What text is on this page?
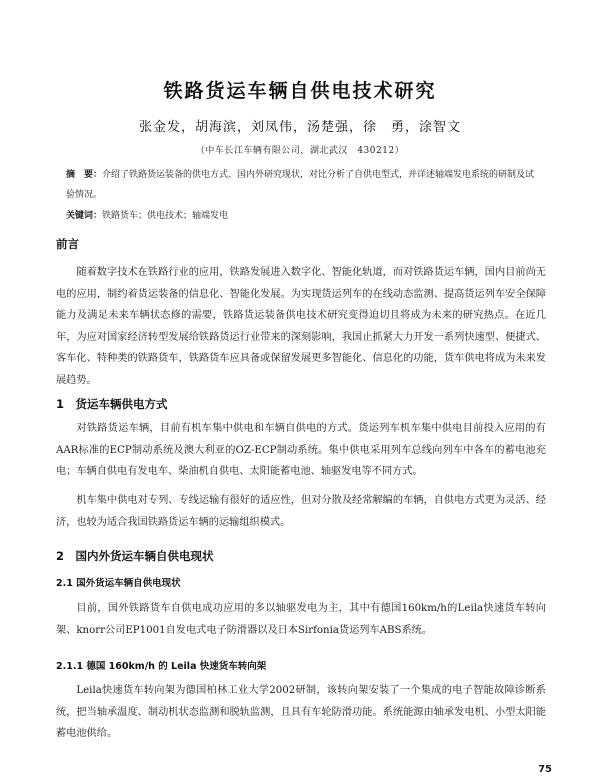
铁路货运车辆自供电技术研究
张金发，胡海滨，刘凤伟，汤楚强，徐　勇，涂智文
（中车长江车辆有限公司，湖北武汉　430212）
摘　要：介绍了铁路货运装备的供电方式、国内外研究现状，对比分析了自供电型式，并详述轴端发电系统的研制及试验情况。
关键词：铁路货车；供电技术；轴端发电
前言
随着数字技术在铁路行业的应用，铁路发展进入数字化、智能化轨道，而对铁路货运车辆，国内目前尚无电的应用，制约着货运装备的信息化、智能化发展。为实现货运列车的在线动态监测、提高货运列车安全保障能力及满足未来车辆状态修的需要，铁路货运装备供电技术研究变得迫切且将成为未来的研究热点。在近几年，为应对国家经济转型发展给铁路货运行业带来的深刻影响，我国止抓紧大力开发一系列快速型、便捷式、客车化、特种类的铁路货车，铁路货车应具备或保留发展更多智能化、信息化的功能，货车供电将成为未来发展趋势。
1　货运车辆供电方式
对铁路货运车辆，目前有机车集中供电和车辆自供电的方式。货运列车机车集中供电目前投入应用的有AAR标准的ECP制动系统及澳大利亚的OZ-ECP制动系统。集中供电采用列车总线向列车中各车的蓄电池充电；车辆自供电有发电车、柴油机自供电、太阳能蓄电池、轴驱发电等不同方式。
机车集中供电对专列、专线运输有很好的适应性，但对分散及经常解编的车辆，自供电方式更为灵活、经济，也较为适合我国铁路货运车辆的运输组织模式。
2　国内外货运车辆自供电现状
2.1 国外货运车辆自供电现状
目前，国外铁路货车自供电成功应用的多以轴驱发电为主，其中有德国160km/h的Leila快速货车转向架、knorr公司EP1001自发电式电子防滑器以及日本Sirfonia货运列车ABS系统。
2.1.1 德国 160km/h 的 Leila 快速货车转向架
Leila快速货车转向架为德国柏林工业大学2002研制，该转向架安装了一个集成的电子智能故障诊断系统，把当轴承温度、制动机状态监测和脱轨监测，且具有车轮防滑功能。系统能源由轴承发电机、小型太阳能蓄电池供给。
75
